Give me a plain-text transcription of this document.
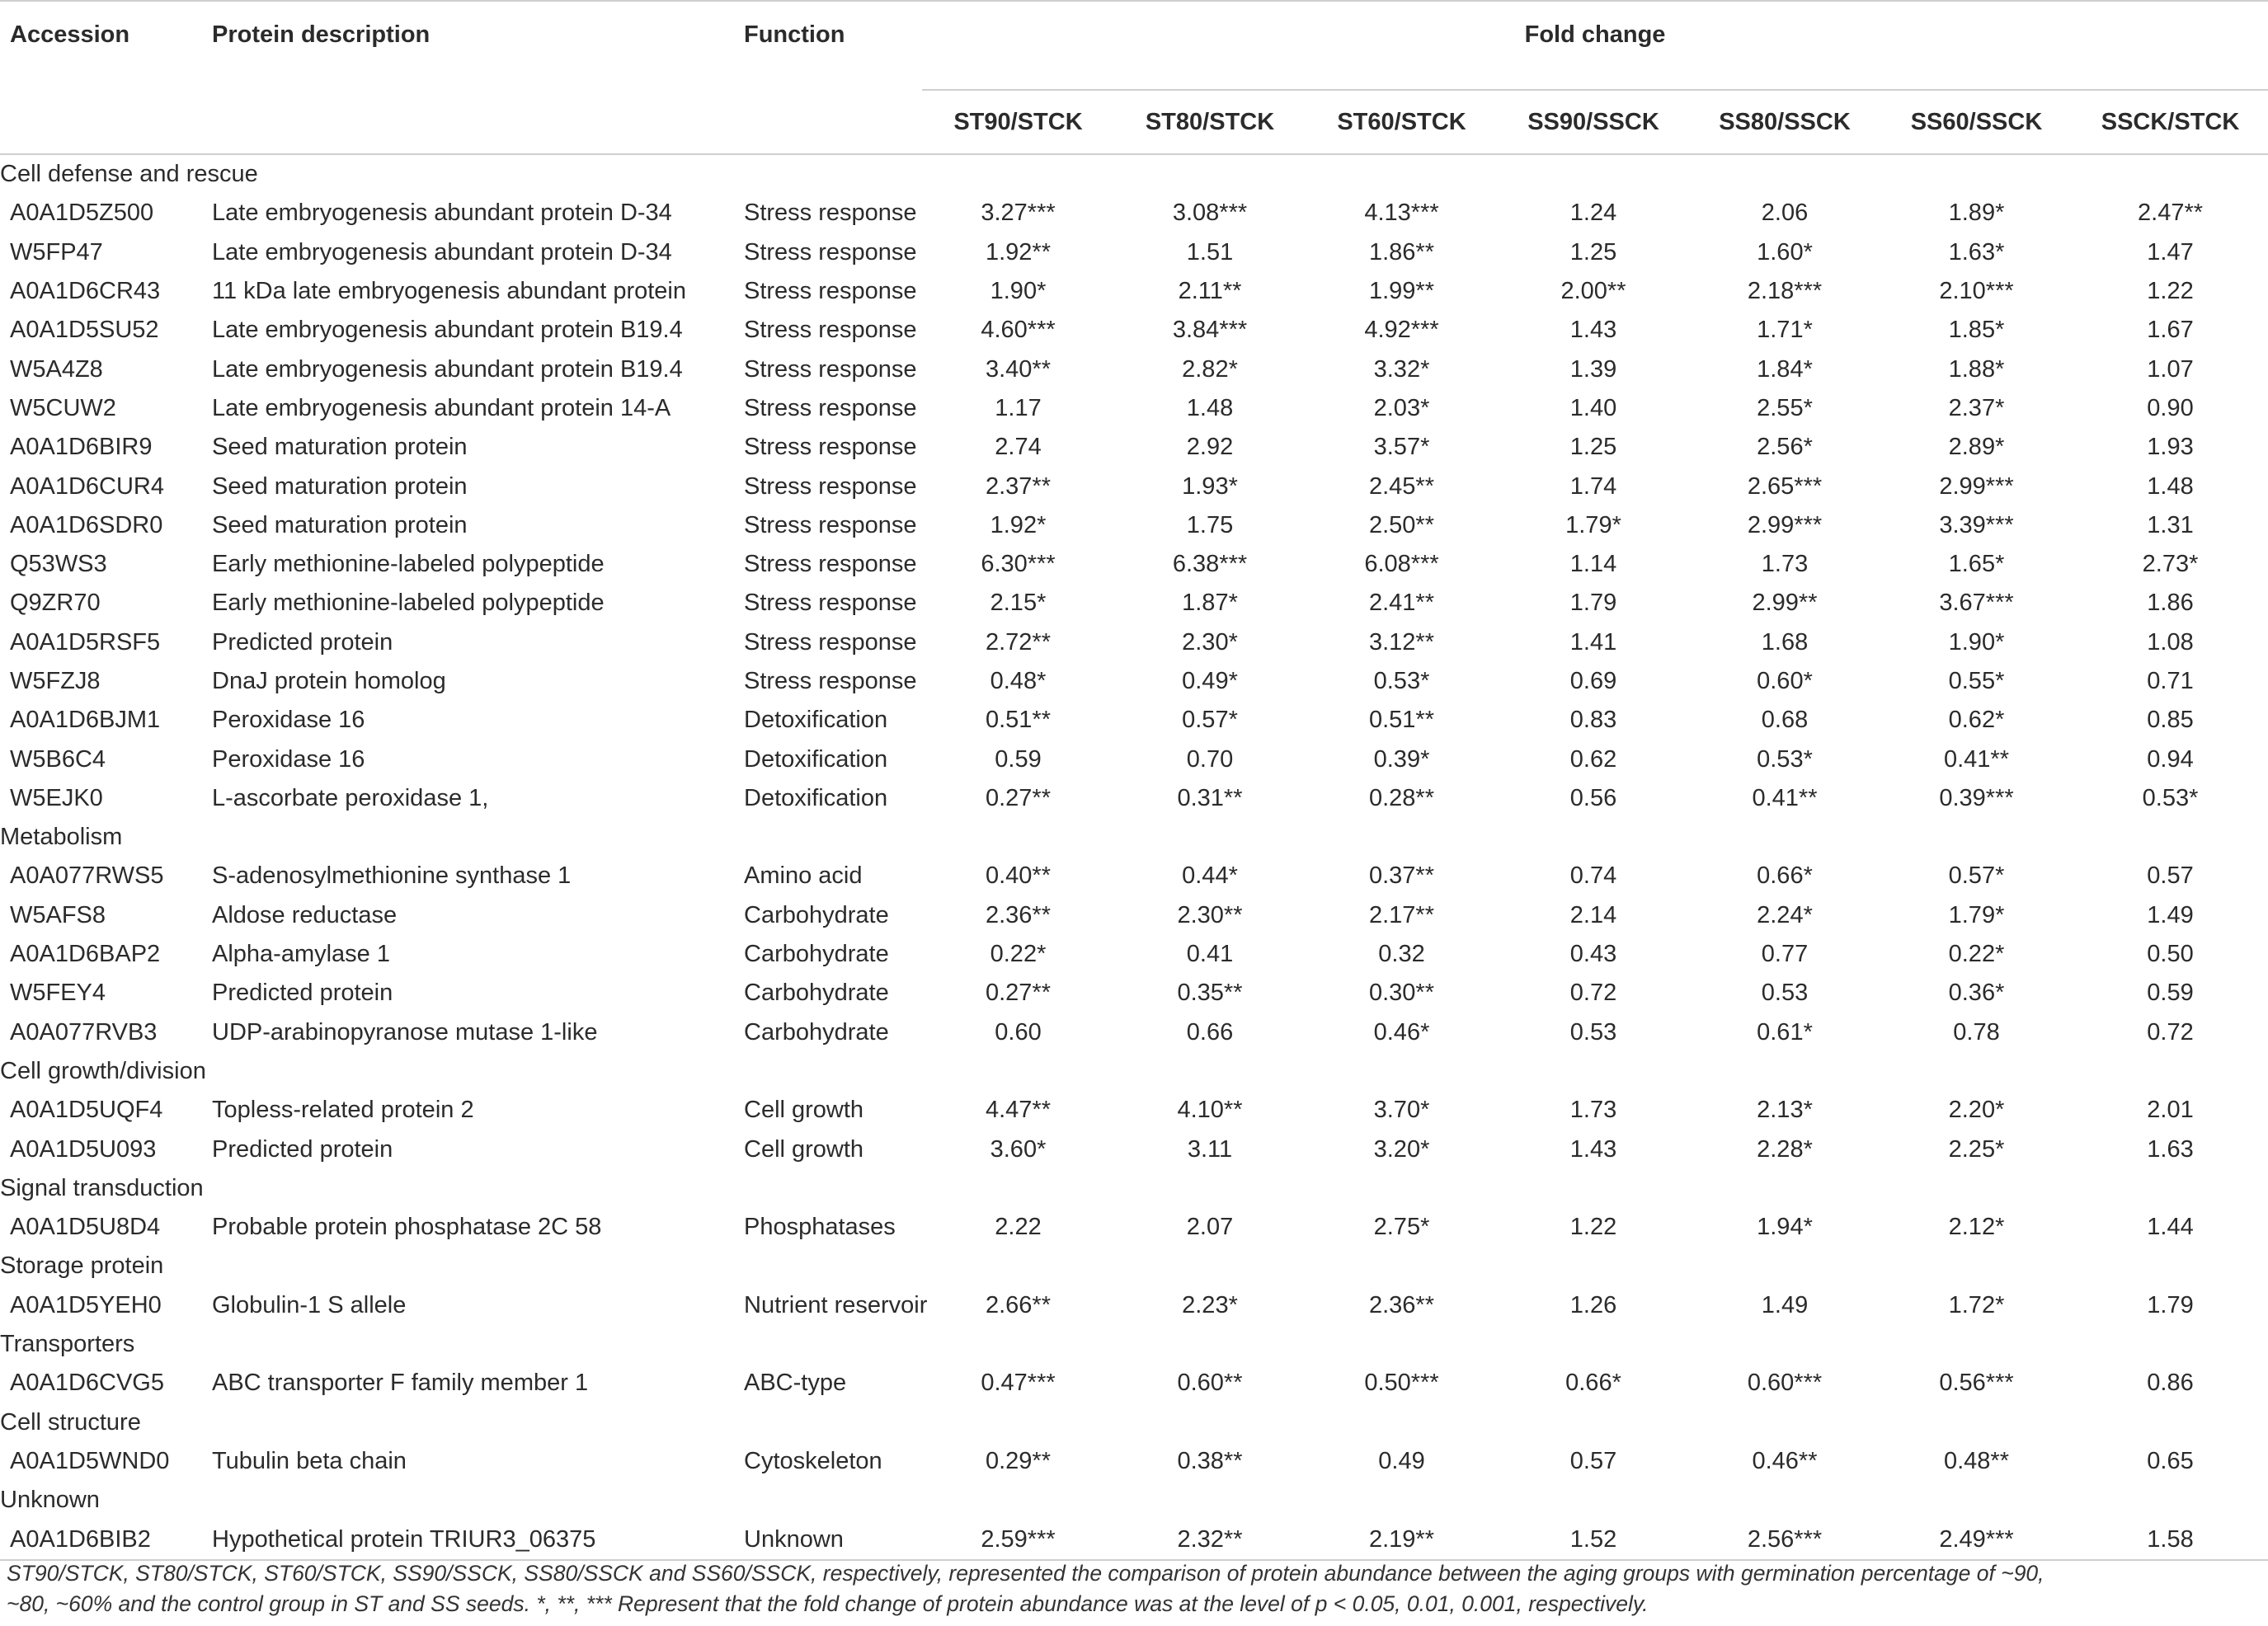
Accession	Protein description	Function	Fold change						
			ST90/STCK	ST80/STCK	ST60/STCK	SS90/SSCK	SS80/SSCK	SS60/SSCK	SSCK/STCK
Cell defense and rescue									
A0A1D5Z500	Late embryogenesis abundant protein D-34	Stress response	3.27***	3.08***	4.13***	1.24	2.06	1.89*	2.47**
W5FP47	Late embryogenesis abundant protein D-34	Stress response	1.92**	1.51	1.86**	1.25	1.60*	1.63*	1.47
A0A1D6CR43	11 kDa late embryogenesis abundant protein	Stress response	1.90*	2.11**	1.99**	2.00**	2.18***	2.10***	1.22
A0A1D5SU52	Late embryogenesis abundant protein B19.4	Stress response	4.60***	3.84***	4.92***	1.43	1.71*	1.85*	1.67
W5A4Z8	Late embryogenesis abundant protein B19.4	Stress response	3.40**	2.82*	3.32*	1.39	1.84*	1.88*	1.07
W5CUW2	Late embryogenesis abundant protein 14-A	Stress response	1.17	1.48	2.03*	1.40	2.55*	2.37*	0.90
A0A1D6BIR9	Seed maturation protein	Stress response	2.74	2.92	3.57*	1.25	2.56*	2.89*	1.93
A0A1D6CUR4	Seed maturation protein	Stress response	2.37**	1.93*	2.45**	1.74	2.65***	2.99***	1.48
A0A1D6SDR0	Seed maturation protein	Stress response	1.92*	1.75	2.50**	1.79*	2.99***	3.39***	1.31
Q53WS3	Early methionine-labeled polypeptide	Stress response	6.30***	6.38***	6.08***	1.14	1.73	1.65*	2.73*
Q9ZR70	Early methionine-labeled polypeptide	Stress response	2.15*	1.87*	2.41**	1.79	2.99**	3.67***	1.86
A0A1D5RSF5	Predicted protein	Stress response	2.72**	2.30*	3.12**	1.41	1.68	1.90*	1.08
W5FZJ8	DnaJ protein homolog	Stress response	0.48*	0.49*	0.53*	0.69	0.60*	0.55*	0.71
A0A1D6BJM1	Peroxidase 16	Detoxification	0.51**	0.57*	0.51**	0.83	0.68	0.62*	0.85
W5B6C4	Peroxidase 16	Detoxification	0.59	0.70	0.39*	0.62	0.53*	0.41**	0.94
W5EJK0	L-ascorbate peroxidase 1,	Detoxification	0.27**	0.31**	0.28**	0.56	0.41**	0.39***	0.53*
Metabolism									
A0A077RWS5	S-adenosylmethionine synthase 1	Amino acid	0.40**	0.44*	0.37**	0.74	0.66*	0.57*	0.57
W5AFS8	Aldose reductase	Carbohydrate	2.36**	2.30**	2.17**	2.14	2.24*	1.79*	1.49
A0A1D6BAP2	Alpha-amylase 1	Carbohydrate	0.22*	0.41	0.32	0.43	0.77	0.22*	0.50
W5FEY4	Predicted protein	Carbohydrate	0.27**	0.35**	0.30**	0.72	0.53	0.36*	0.59
A0A077RVB3	UDP-arabinopyranose mutase 1-like	Carbohydrate	0.60	0.66	0.46*	0.53	0.61*	0.78	0.72
Cell growth/division									
A0A1D5UQF4	Topless-related protein 2	Cell growth	4.47**	4.10**	3.70*	1.73	2.13*	2.20*	2.01
A0A1D5U093	Predicted protein	Cell growth	3.60*	3.11	3.20*	1.43	2.28*	2.25*	1.63
Signal transduction									
A0A1D5U8D4	Probable protein phosphatase 2C 58	Phosphatases	2.22	2.07	2.75*	1.22	1.94*	2.12*	1.44
Storage protein									
A0A1D5YEH0	Globulin-1 S allele	Nutrient reservoir	2.66**	2.23*	2.36**	1.26	1.49	1.72*	1.79
Transporters									
A0A1D6CVG5	ABC transporter F family member 1	ABC-type	0.47***	0.60**	0.50***	0.66*	0.60***	0.56***	0.86
Cell structure									
A0A1D5WND0	Tubulin beta chain	Cytoskeleton	0.29**	0.38**	0.49	0.57	0.46**	0.48**	0.65
Unknown									
A0A1D6BIB2	Hypothetical protein TRIUR3_06375	Unknown	2.59***	2.32**	2.19**	1.52	2.56***	2.49***	1.58
ST90/STCK, ST80/STCK, ST60/STCK, SS90/SSCK, SS80/SSCK and SS60/SSCK, respectively, represented the comparison of protein abundance between the aging groups with germination percentage of ~90,
~80, ~60% and the control group in ST and SS seeds. *, **, *** Represent that the fold change of protein abundance was at the level of p < 0.05, 0.01, 0.001, respectively.
